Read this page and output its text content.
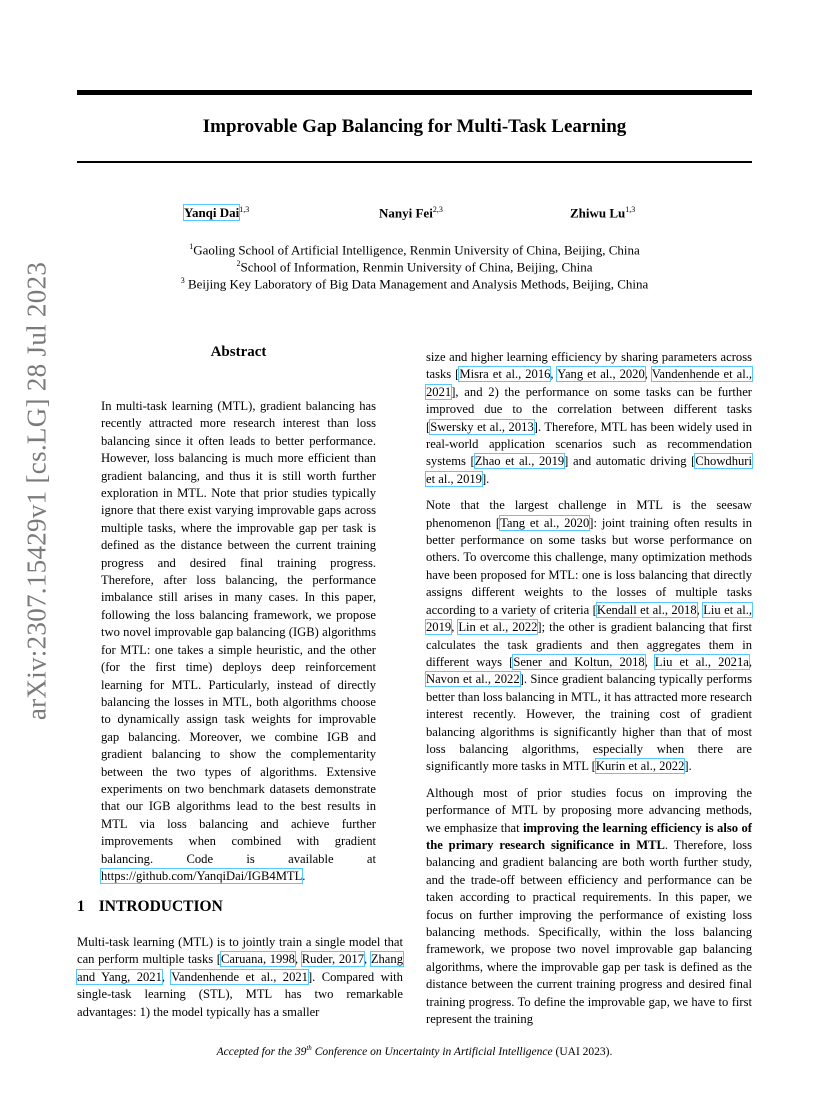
Improvable Gap Balancing for Multi-Task Learning
Yanqi Dai$^{1,3}$	Nanyi Fei$^{2,3}$	Zhiwu Lu$^{1,3}$
$^1$Gaoling School of Artificial Intelligence, Renmin University of China, Beijing, China
$^2$School of Information, Renmin University of China, Beijing, China
$^3$ Beijing Key Laboratory of Big Data Management and Analysis Methods, Beijing, China
arXiv:2307.15429v1 [cs.LG] 28 Jul 2023	Abstract
In multi-task learning (MTL), gradient balancing has recently attracted more research interest than loss balancing since it often leads to better performance. However, loss balancing is much more efficient than gradient balancing, and thus it is still worth further exploration in MTL. Note that prior studies typically ignore that there exist varying improvable gaps across multiple tasks, where the improvable gap per task is defined as the distance between the current training progress and desired final training progress. Therefore, after loss balancing, the performance imbalance still arises in many cases. In this paper, following the loss balancing framework, we propose two novel improvable gap balancing (IGB) algorithms for MTL: one takes a simple heuristic, and the other (for the first time) deploys deep reinforcement learning for MTL. Particularly, instead of directly balancing the losses in MTL, both algorithms choose to dynamically assign task weights for improvable gap balancing. Moreover, we combine IGB and gradient balancing to show the complementarity between the two types of algorithms. Extensive experiments on two benchmark datasets demonstrate that our IGB algorithms lead to the best results in MTL via loss balancing and achieve further improvements when combined with gradient balancing. Code is available at https://github.com/YanqiDai/IGB4MTL.
1 INTRODUCTION

Multi-task learning (MTL) is to jointly train a single model that can perform multiple tasks [Caruana, 1998, Ruder, 2017, Zhang and Yang, 2021, Vandenhende et al., 2021]. Compared with single-task learning (STL), MTL has two remarkable advantages: 1) the model typically has a smaller

size and higher learning efficiency by sharing parameters across tasks [Misra et al., 2016, Yang et al., 2020, Vandenhende et al., 2021], and 2) the performance on some tasks can be further improved due to the correlation between different tasks [Swersky et al., 2013]. Therefore, MTL has been widely used in real-world application scenarios such as recommendation systems [Zhao et al., 2019] and automatic driving [Chowdhuri et al., 2019].

Note that the largest challenge in MTL is the seesaw phenomenon [Tang et al., 2020]: joint training often results in better performance on some tasks but worse performance on others. To overcome this challenge, many optimization methods have been proposed for MTL: one is loss balancing that directly assigns different weights to the losses of multiple tasks according to a variety of criteria [Kendall et al., 2018, Liu et al., 2019, Lin et al., 2022]; the other is gradient balancing that first calculates the task gradients and then aggregates them in different ways [Sener and Koltun, 2018, Liu et al., 2021a, Navon et al., 2022]. Since gradient balancing typically performs better than loss balancing in MTL, it has attracted more research interest recently. However, the training cost of gradient balancing algorithms is significantly higher than that of most loss balancing algorithms, especially when there are significantly more tasks in MTL [Kurin et al., 2022].

Although most of prior studies focus on improving the performance of MTL by proposing more advancing methods, we emphasize that improving the learning efficiency is also of the primary research significance in MTL. Therefore, loss balancing and gradient balancing are both worth further study, and the trade-off between efficiency and performance can be taken according to practical requirements. In this paper, we focus on further improving the performance of existing loss balancing methods. Specifically, within the loss balancing framework, we propose two novel improvable gap balancing algorithms, where the improvable gap per task is defined as the distance between the current training progress and desired final training progress. To define the improvable gap, we have to first represent the training

Accepted for the 39th Conference on Uncertainty in Artificial Intelligence (UAI 2023).
